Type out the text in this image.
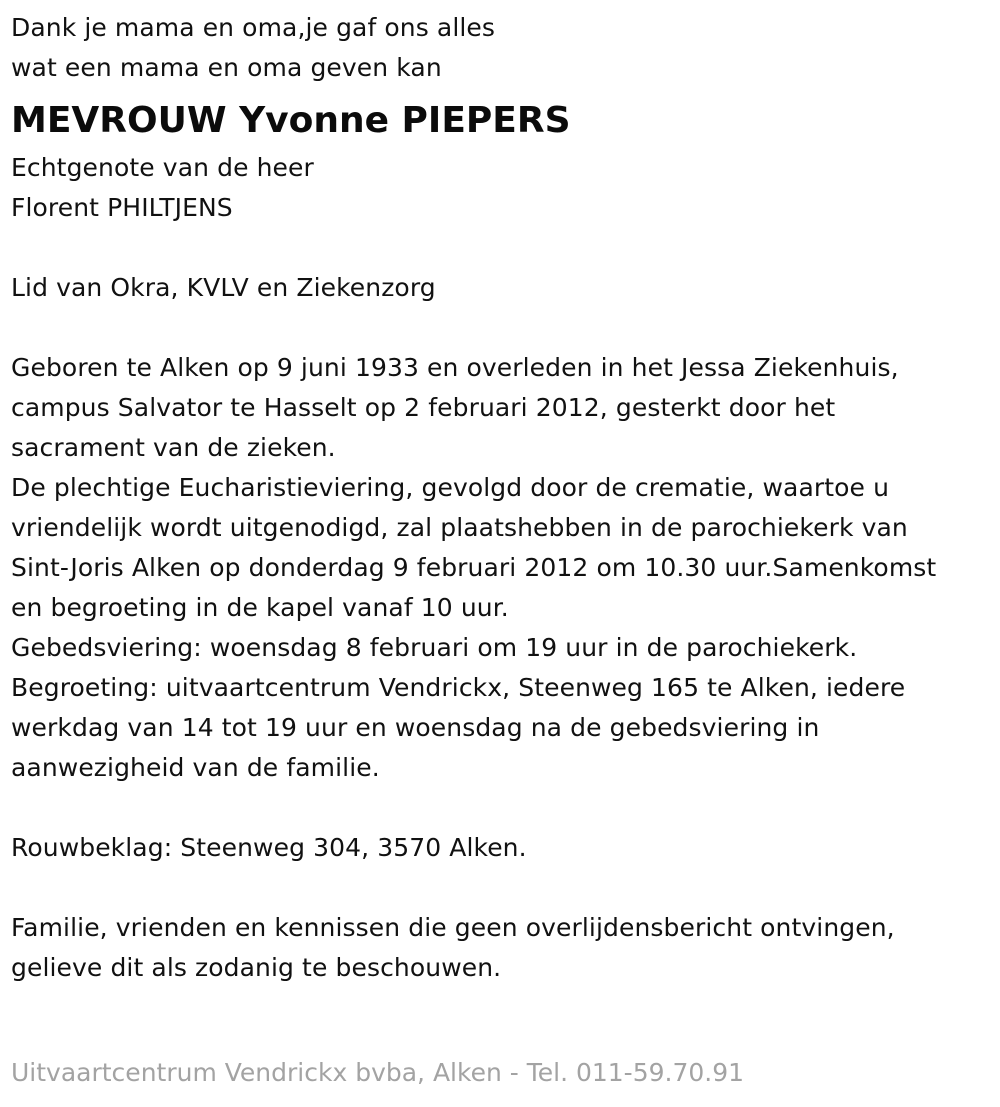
Dank je mama en oma,je gaf ons alles

wat een mama en oma geven kan

MEVROUW Yvonne PIEPERS

Echtgenote van de heer

Florent PHILTJENS

Lid van Okra, KVLV en Ziekenzorg

Geboren te Alken op 9 juni 1933 en overleden in het Jessa Ziekenhuis,

campus Salvator te Hasselt op 2 februari 2012, gesterkt door het

sacrament van de zieken.

De plechtige Eucharistieviering, gevolgd door de crematie, waartoe u

vriendelijk wordt uitgenodigd, zal plaatshebben in de parochiekerk van

Sint-Joris Alken op donderdag 9 februari 2012 om 10.30 uur.Samenkomst

en begroeting in de kapel vanaf 10 uur.

Gebedsviering: woensdag 8 februari om 19 uur in de parochiekerk.

Begroeting: uitvaartcentrum Vendrickx, Steenweg 165 te Alken, iedere

werkdag van 14 tot 19 uur en woensdag na de gebedsviering in

aanwezigheid van de familie.

Rouwbeklag: Steenweg 304, 3570 Alken.

Familie, vrienden en kennissen die geen overlijdensbericht ontvingen,

gelieve dit als zodanig te beschouwen.

Uitvaartcentrum Vendrickx bvba, Alken - Tel. 011-59.70.91
